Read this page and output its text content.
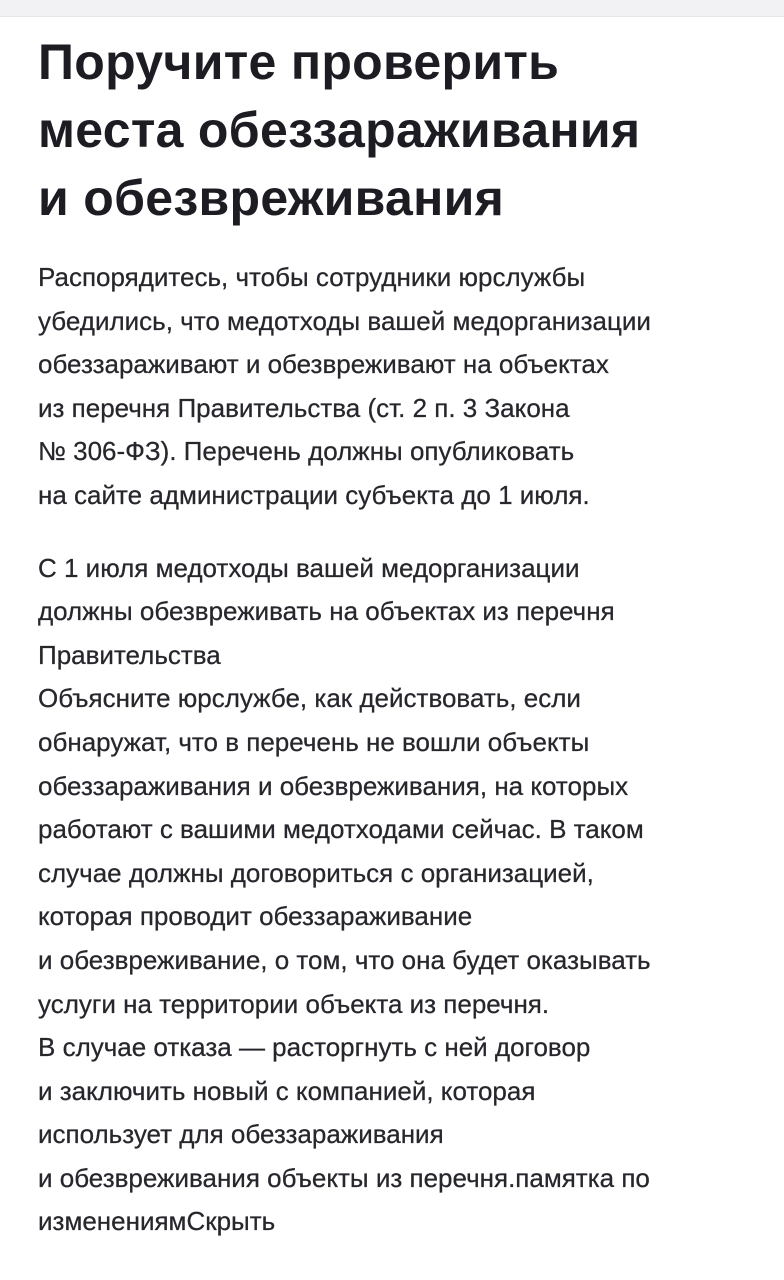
Поручите проверить
места обеззараживания
и обезвреживания

Распорядитесь, чтобы сотрудники юрслужбы
убедились, что медотходы вашей медорганизации
обеззараживают и обезвреживают на объектах
из перечня Правительства (ст. 2 п. 3 Закона
№ 306-ФЗ). Перечень должны опубликовать
на сайте администрации субъекта до 1 июля.

С 1 июля медотходы вашей медорганизации
должны обезвреживать на объектах из перечня
Правительства
Объясните юрслужбе, как действовать, если
обнаружат, что в перечень не вошли объекты
обеззараживания и обезвреживания, на которых
работают с вашими медотходами сейчас. В таком
случае должны договориться с организацией,
которая проводит обеззараживание
и обезвреживание, о том, что она будет оказывать
услуги на территории объекта из перечня.
В случае отказа — расторгнуть с ней договор
и заключить новый с компанией, которая
использует для обеззараживания
и обезвреживания объекты из перечня.памятка по
изменениямСкрыть
